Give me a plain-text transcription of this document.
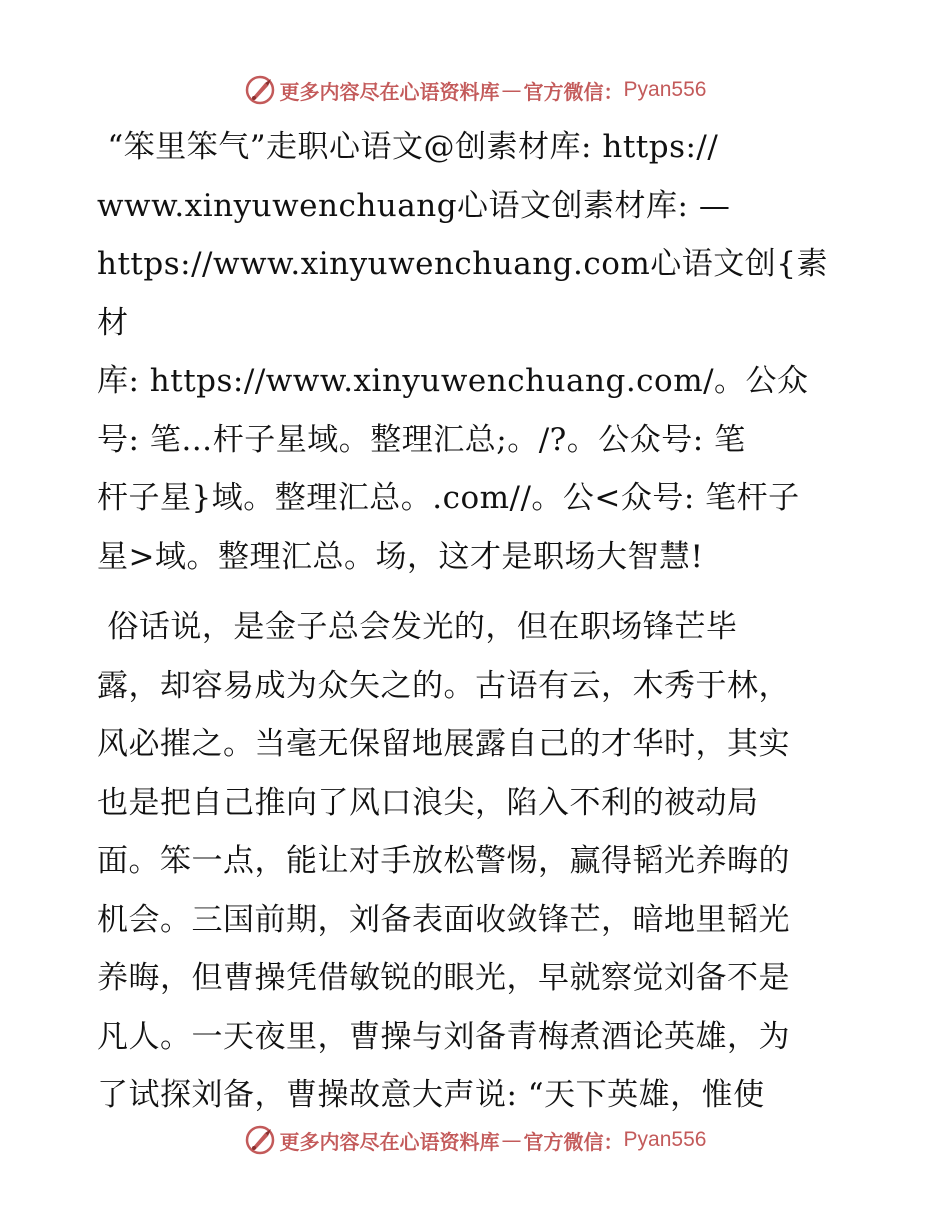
更多内容尽在心语资料库 — 官方微信： Pyan556

“笨里笨气”走职心语文@创素材库: https://
www.xinyuwenchuang心语文创素材库: —
https://www.xinyuwenchuang.com心语文创{素材
库: https://www.xinyuwenchuang.com/。公众
号: 笔…杆子星域。整理汇总;。/?。公众号: 笔
杆子星}域。整理汇总。.com//。公<众号: 笔杆子
星>域。整理汇总。场，这才是职场大智慧!

俗话说，是金子总会发光的，但在职场锋芒毕
露，却容易成为众矢之的。古语有云，木秀于林，
风必摧之。当毫无保留地展露自己的才华时，其实
也是把自己推向了风口浪尖，陷入不利的被动局
面。笨一点，能让对手放松警惕，赢得韬光养晦的
机会。三国前期，刘备表面收敛锋芒，暗地里韬光
养晦，但曹操凭借敏锐的眼光，早就察觉刘备不是
凡人。一天夜里，曹操与刘备青梅煮酒论英雄，为
了试探刘备，曹操故意大声说: “天下英雄，惟使

更多内容尽在心语资料库 — 官方微信： Pyan556
